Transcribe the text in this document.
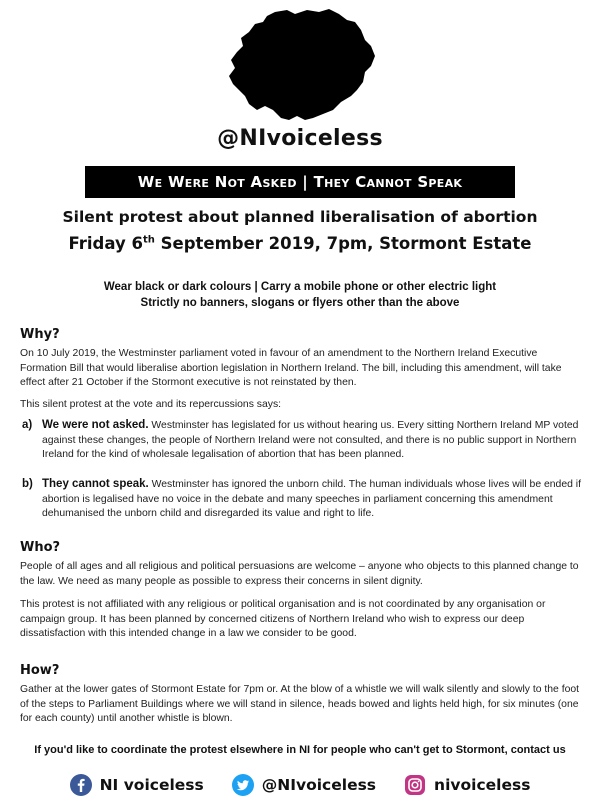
@NIvoiceless
We Were Not Asked | They Cannot Speak
Silent protest about planned liberalisation of abortion
Friday 6th September 2019, 7pm, Stormont Estate
Wear black or dark colours | Carry a mobile phone or other electric light
Strictly no banners, slogans or flyers other than the above
Why?
On 10 July 2019, the Westminster parliament voted in favour of an amendment to the Northern Ireland Executive Formation Bill that would liberalise abortion legislation in Northern Ireland. The bill, including this amendment, will take effect after 21 October if the Stormont executive is not reinstated by then.
This silent protest at the vote and its repercussions says:
a) We were not asked. Westminster has legislated for us without hearing us. Every sitting Northern Ireland MP voted against these changes, the people of Northern Ireland were not consulted, and there is no public support in Northern Ireland for the kind of wholesale legalisation of abortion that has been planned.
b) They cannot speak. Westminster has ignored the unborn child. The human individuals whose lives will be ended if abortion is legalised have no voice in the debate and many speeches in parliament concerning this amendment dehumanised the unborn child and disregarded its value and right to life.
Who?
People of all ages and all religious and political persuasions are welcome – anyone who objects to this planned change to the law. We need as many people as possible to express their concerns in silent dignity.
This protest is not affiliated with any religious or political organisation and is not coordinated by any organisation or campaign group. It has been planned by concerned citizens of Northern Ireland who wish to express our deep dissatisfaction with this intended change in a law we consider to be good.
How?
Gather at the lower gates of Stormont Estate for 7pm or. At the blow of a whistle we will walk silently and slowly to the foot of the steps to Parliament Buildings where we will stand in silence, heads bowed and lights held high, for six minutes (one for each county) until another whistle is blown.
If you'd like to coordinate the protest elsewhere in NI for people who can't get to Stormont, contact us
NI voiceless	@NIvoiceless	nivoiceless
